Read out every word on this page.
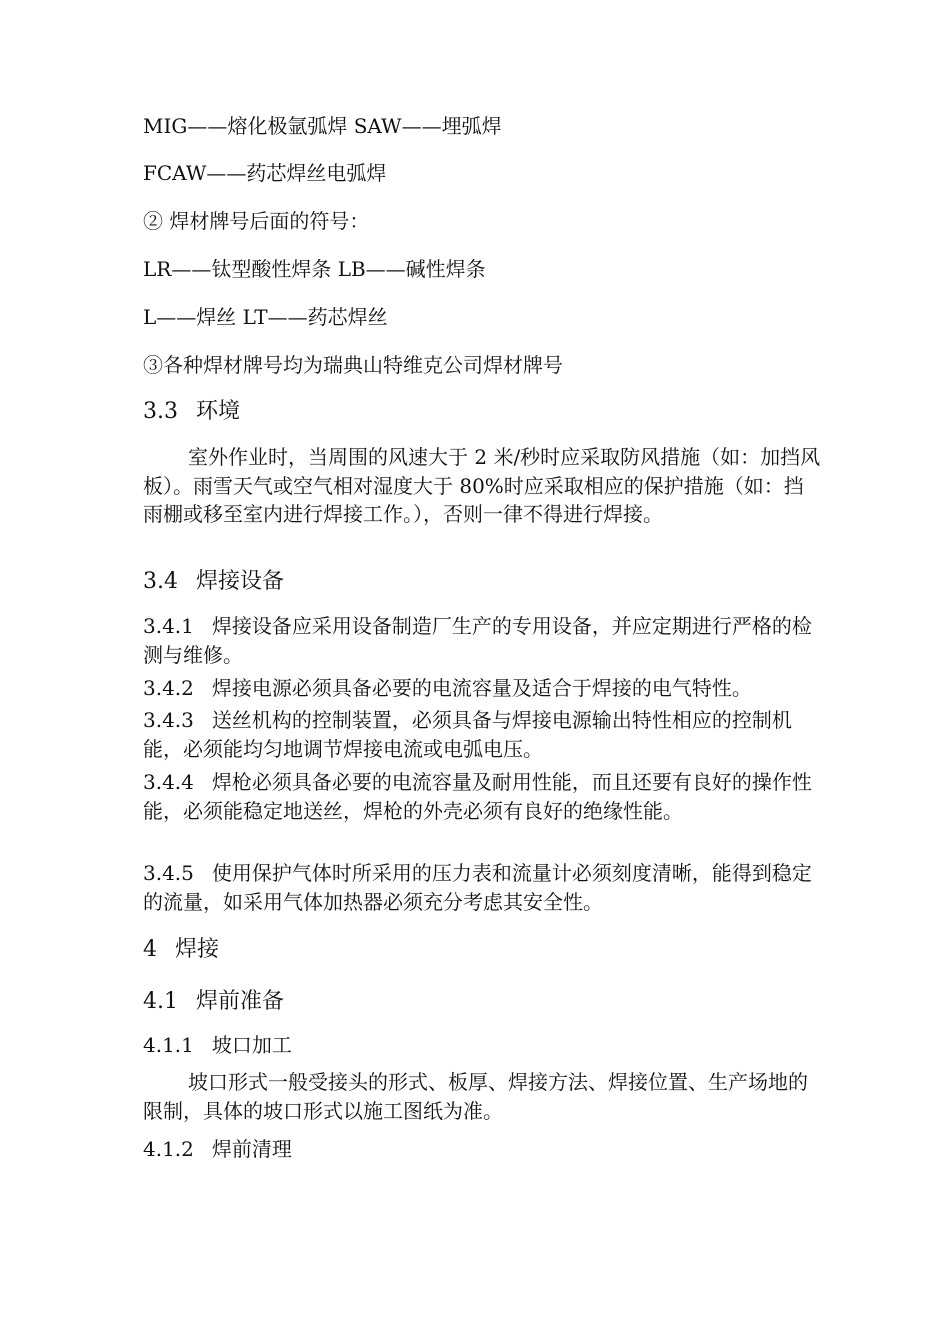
MIG——熔化极氩弧焊 SAW——埋弧焊
FCAW——药芯焊丝电弧焊
② 焊材牌号后面的符号：
LR——钛型酸性焊条 LB——碱性焊条
L——焊丝 LT——药芯焊丝
③各种焊材牌号均为瑞典山特维克公司焊材牌号
3.3 环境
室外作业时，当周围的风速大于 2 米/秒时应采取防风措施（如：加挡风板）。雨雪天气或空气相对湿度大于 80%时应采取相应的保护措施（如：挡雨棚或移至室内进行焊接工作。），否则一律不得进行焊接。
3.4 焊接设备
3.4.1 焊接设备应采用设备制造厂生产的专用设备，并应定期进行严格的检测与维修。
3.4.2 焊接电源必须具备必要的电流容量及适合于焊接的电气特性。
3.4.3 送丝机构的控制装置，必须具备与焊接电源输出特性相应的控制机能，必须能均匀地调节焊接电流或电弧电压。
3.4.4 焊枪必须具备必要的电流容量及耐用性能，而且还要有良好的操作性能，必须能稳定地送丝，焊枪的外壳必须有良好的绝缘性能。
3.4.5 使用保护气体时所采用的压力表和流量计必须刻度清晰，能得到稳定的流量，如采用气体加热器必须充分考虑其安全性。
4 焊接
4.1 焊前准备
4.1.1 坡口加工
坡口形式一般受接头的形式、板厚、焊接方法、焊接位置、生产场地的限制，具体的坡口形式以施工图纸为准。
4.1.2 焊前清理
